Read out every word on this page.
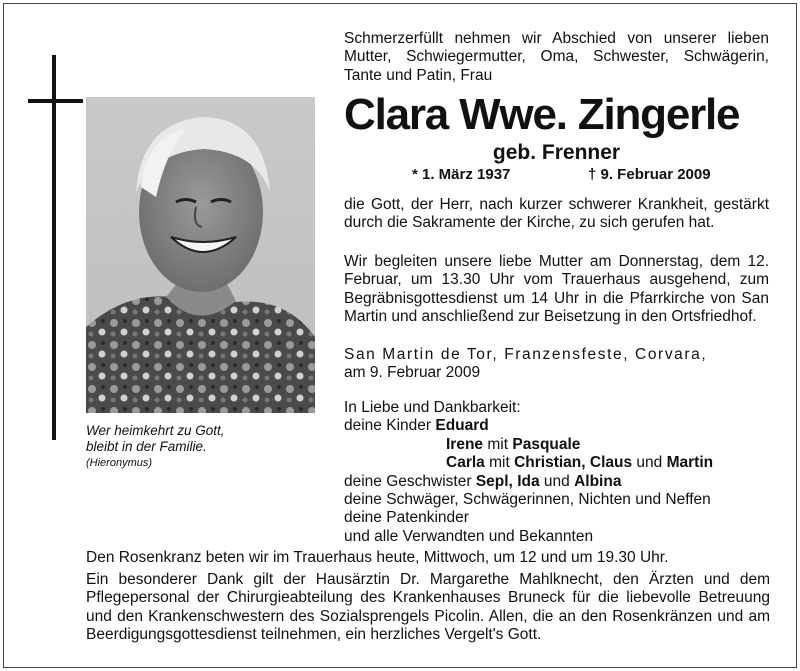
Wer heimkehrt zu Gott,
bleibt in der Familie.
(Hieronymus)
Schmerzerfüllt nehmen wir Abschied von unserer lieben Mutter, Schwiegermutter, Oma, Schwester, Schwägerin, Tante und Patin, Frau
Clara Wwe. Zingerle
geb. Frenner
* 1. März 1937	† 9. Februar 2009
die Gott, der Herr, nach kurzer schwerer Krankheit, gestärkt durch die Sakramente der Kirche, zu sich gerufen hat.
Wir begleiten unsere liebe Mutter am Donnerstag, dem 12. Februar, um 13.30 Uhr vom Trauerhaus ausgehend, zum Begräbnisgottesdienst um 14 Uhr in die Pfarrkirche von San Martin und anschließend zur Beisetzung in den Ortsfriedhof.
San Martin de Tor, Franzensfeste, Corvara,
am 9. Februar 2009
In Liebe und Dankbarkeit:
deine Kinder Eduard
Irene mit Pasquale
Carla mit Christian, Claus und Martin
deine Geschwister Sepl, Ida und Albina
deine Schwäger, Schwägerinnen, Nichten und Neffen
deine Patenkinder
und alle Verwandten und Bekannten
Den Rosenkranz beten wir im Trauerhaus heute, Mittwoch, um 12 und um 19.30 Uhr.
Ein besonderer Dank gilt der Hausärztin Dr. Margarethe Mahlknecht, den Ärzten und dem Pflegepersonal der Chirurgieabteilung des Krankenhauses Bruneck für die liebevolle Betreuung und den Krankenschwestern des Sozialsprengels Picolin. Allen, die an den Rosenkränzen und am Beerdigungsgottesdienst teilnehmen, ein herzliches Vergelt's Gott.
